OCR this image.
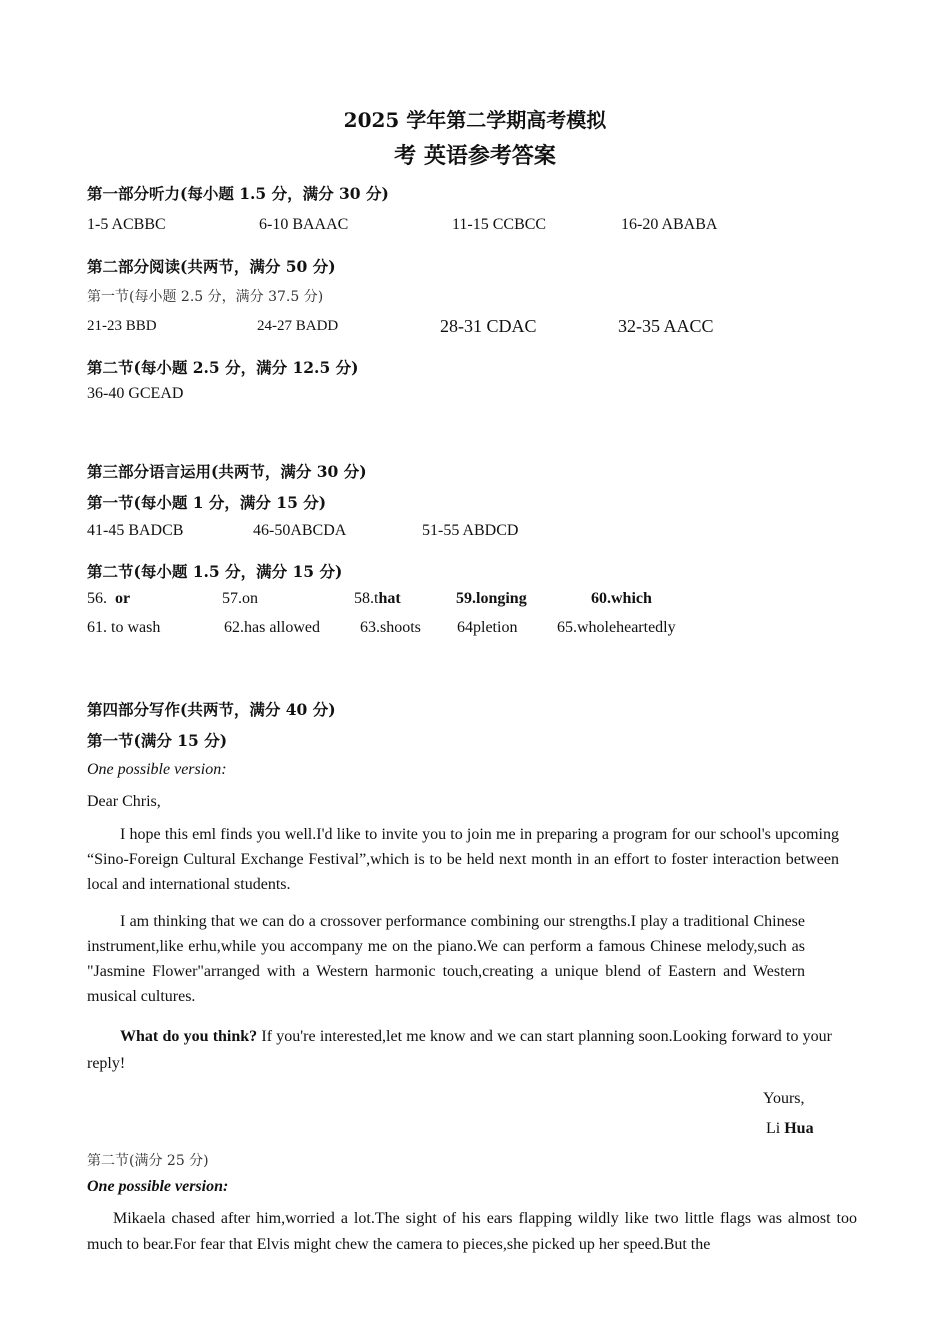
2025 学年第二学期高考模拟
考 英语参考答案
第一部分听力(每小题 1.5 分，满分 30 分)
1-5 ACBBC	6-10 BAAAC	11-15 CCBCC	16-20 ABABA
第二部分阅读(共两节，满分 50 分)
第一节(每小题 2.5 分，满分 37.5 分)
21-23 BBD	24-27 BADD	28-31 CDAC	32-35 AACC
第二节(每小题 2.5 分，满分 12.5 分)
36-40 GCEAD
第三部分语言运用(共两节，满分 30 分)
第一节(每小题 1 分，满分 15 分)
41-45 BADCB	46-50ABCDA	51-55 ABDCD
第二节(每小题 1.5 分，满分 15 分)
56. or	57.on	58.that	59.longing	60.which
61. to wash	62.has allowed	63.shoots 64pletion 65.wholeheartedly
第四部分写作(共两节，满分 40 分)
第一节(满分 15 分)
One possible version:
Dear Chris,
I hope this eml finds you well.I'd like to invite you to join me in preparing a program for our school's upcoming “Sino-Foreign Cultural Exchange Festival”,which is to be held next month in an effort to foster interaction between local and international students.
I am thinking that we can do a crossover performance combining our strengths.I play a traditional Chinese instrument,like erhu,while you accompany me on the piano.We can perform a famous Chinese melody,such as "Jasmine Flower"arranged with a Western harmonic touch,creating a unique blend of Eastern and Western musical cultures.
What do you think? If you're interested,let me know and we can start planning soon.Looking forward to your reply!
Yours,
Li Hua
第二节(满分 25 分)
One possible version:
Mikaela chased after him,worried a lot.The sight of his ears flapping wildly like two little flags was almost too much to bear.For fear that Elvis might chew the camera to pieces,she picked up her speed.But the
